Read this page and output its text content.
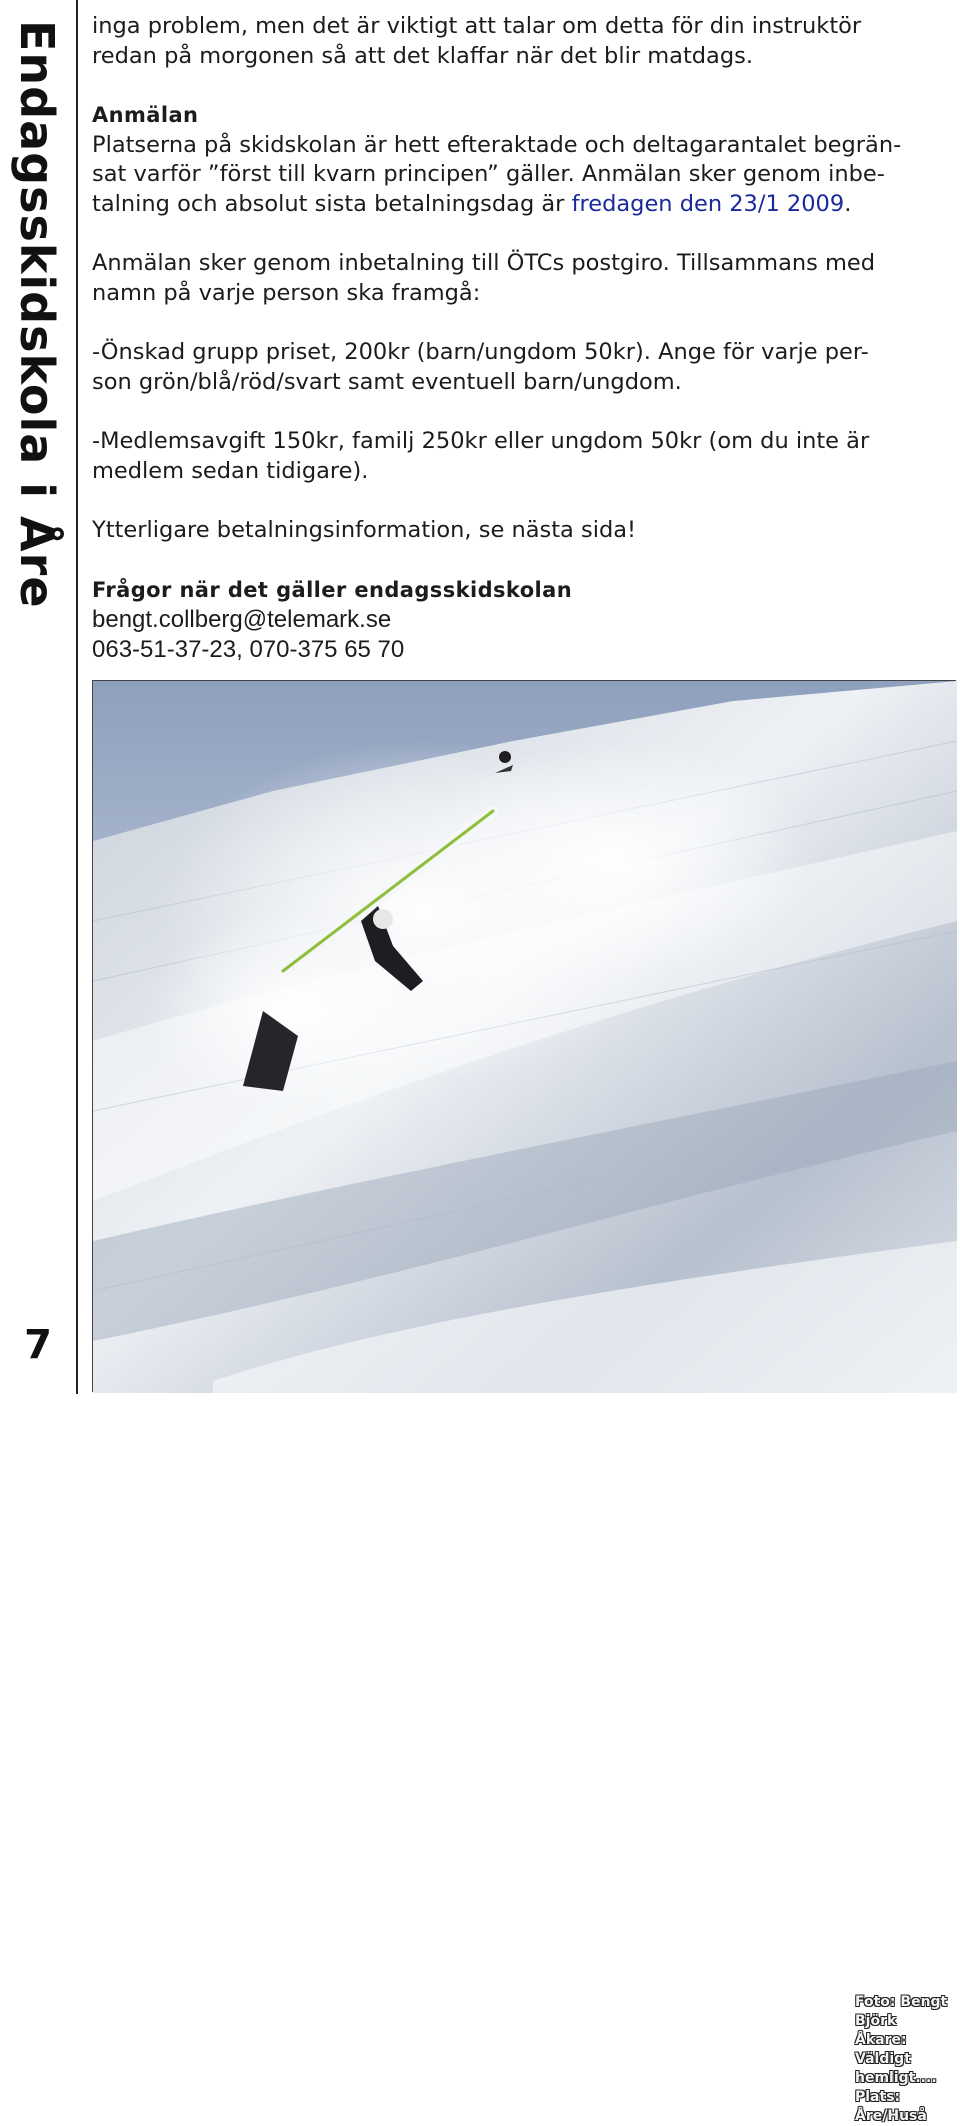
Endagsskidskola i Åre
7

inga problem, men det är viktigt att talar om detta för din instruktör

redan på morgonen så att det klaffar när det blir matdags.

Anmälan

Platserna på skidskolan är hett efteraktade och deltagarantalet begrän-

sat varför ”först till kvarn principen” gäller. Anmälan sker genom inbe-

talning och absolut sista betalningsdag är fredagen den 23/1 2009.

Anmälan sker genom inbetalning till ÖTCs postgiro. Tillsammans med

namn på varje person ska framgå:

-Önskad grupp priset, 200kr (barn/ungdom 50kr). Ange för varje per-

son grön/blå/röd/svart samt eventuell barn/ungdom.

-Medlemsavgift 150kr, familj 250kr eller ungdom 50kr (om du inte är

medlem sedan tidigare).

Ytterligare betalningsinformation, se nästa sida!

Frågor när det gäller endagsskidskolan

bengt.collberg@telemark.se

063-51-37-23, 070-375 65 70

Foto: Bengt Björk
Åkare: Väldigt hemligt....
Plats: Åre/Huså
